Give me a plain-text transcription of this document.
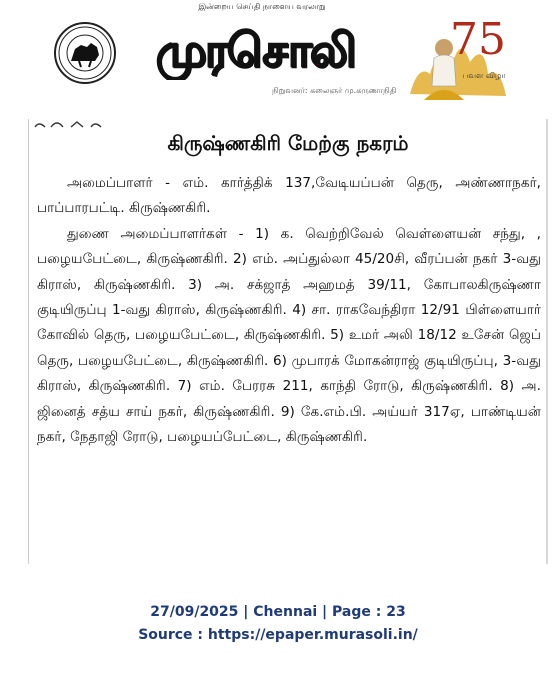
இன்றைய செய்தி நாளைய வரலாறு
முரசொலி
நிறுவனர்: கலைஞர் மு.கருணாநிதி
75
பவள விழா
கிருஷ்ணகிரி மேற்கு நகரம்

அமைப்பாளர் - எம். கார்த்திக் 137,வேடியப்பன் தெரு, அண்ணாநகர், பாப்பாரபட்டி. கிருஷ்ணகிரி.

துணை அமைப்பாளர்கள் - 1) க. வெற்றிவேல் வெள்ளையன் சந்து, , பழையபேட்டை, கிருஷ்ணகிரி. 2) எம். அப்துல்லா 45/20சி, வீரப்பன் நகர் 3-வது கிராஸ், கிருஷ்ணகிரி. 3) அ. சக்ஜாத் அஹமத் 39/11, கோபாலகிருஷ்ணா குடியிருப்பு 1-வது கிராஸ், கிருஷ்ணகிரி. 4) சா. ராகவேந்திரா 12/91 பிள்ளையார் கோவில் தெரு, பழையபேட்டை, கிருஷ்ணகிரி. 5) உமர் அலி 18/12 உசேன் ஜெப் தெரு, பழையபேட்டை, கிருஷ்ணகிரி. 6) முபாரக் மோகன்ராஜ் குடியிருப்பு, 3-வது கிராஸ், கிருஷ்ணகிரி. 7) எம். பேரரசு 211, காந்தி ரோடு, கிருஷ்ணகிரி. 8) அ. ஜினைத் சத்ய சாய் நகர், கிருஷ்ணகிரி. 9) கே.எம்.பி. அய்யர் 317ஏ, பாண்டியன் நகர், நேதாஜி ரோடு, பழையப்பேட்டை, கிருஷ்ணகிரி.

27/09/2025 | Chennai | Page : 23
Source : https://epaper.murasoli.in/
